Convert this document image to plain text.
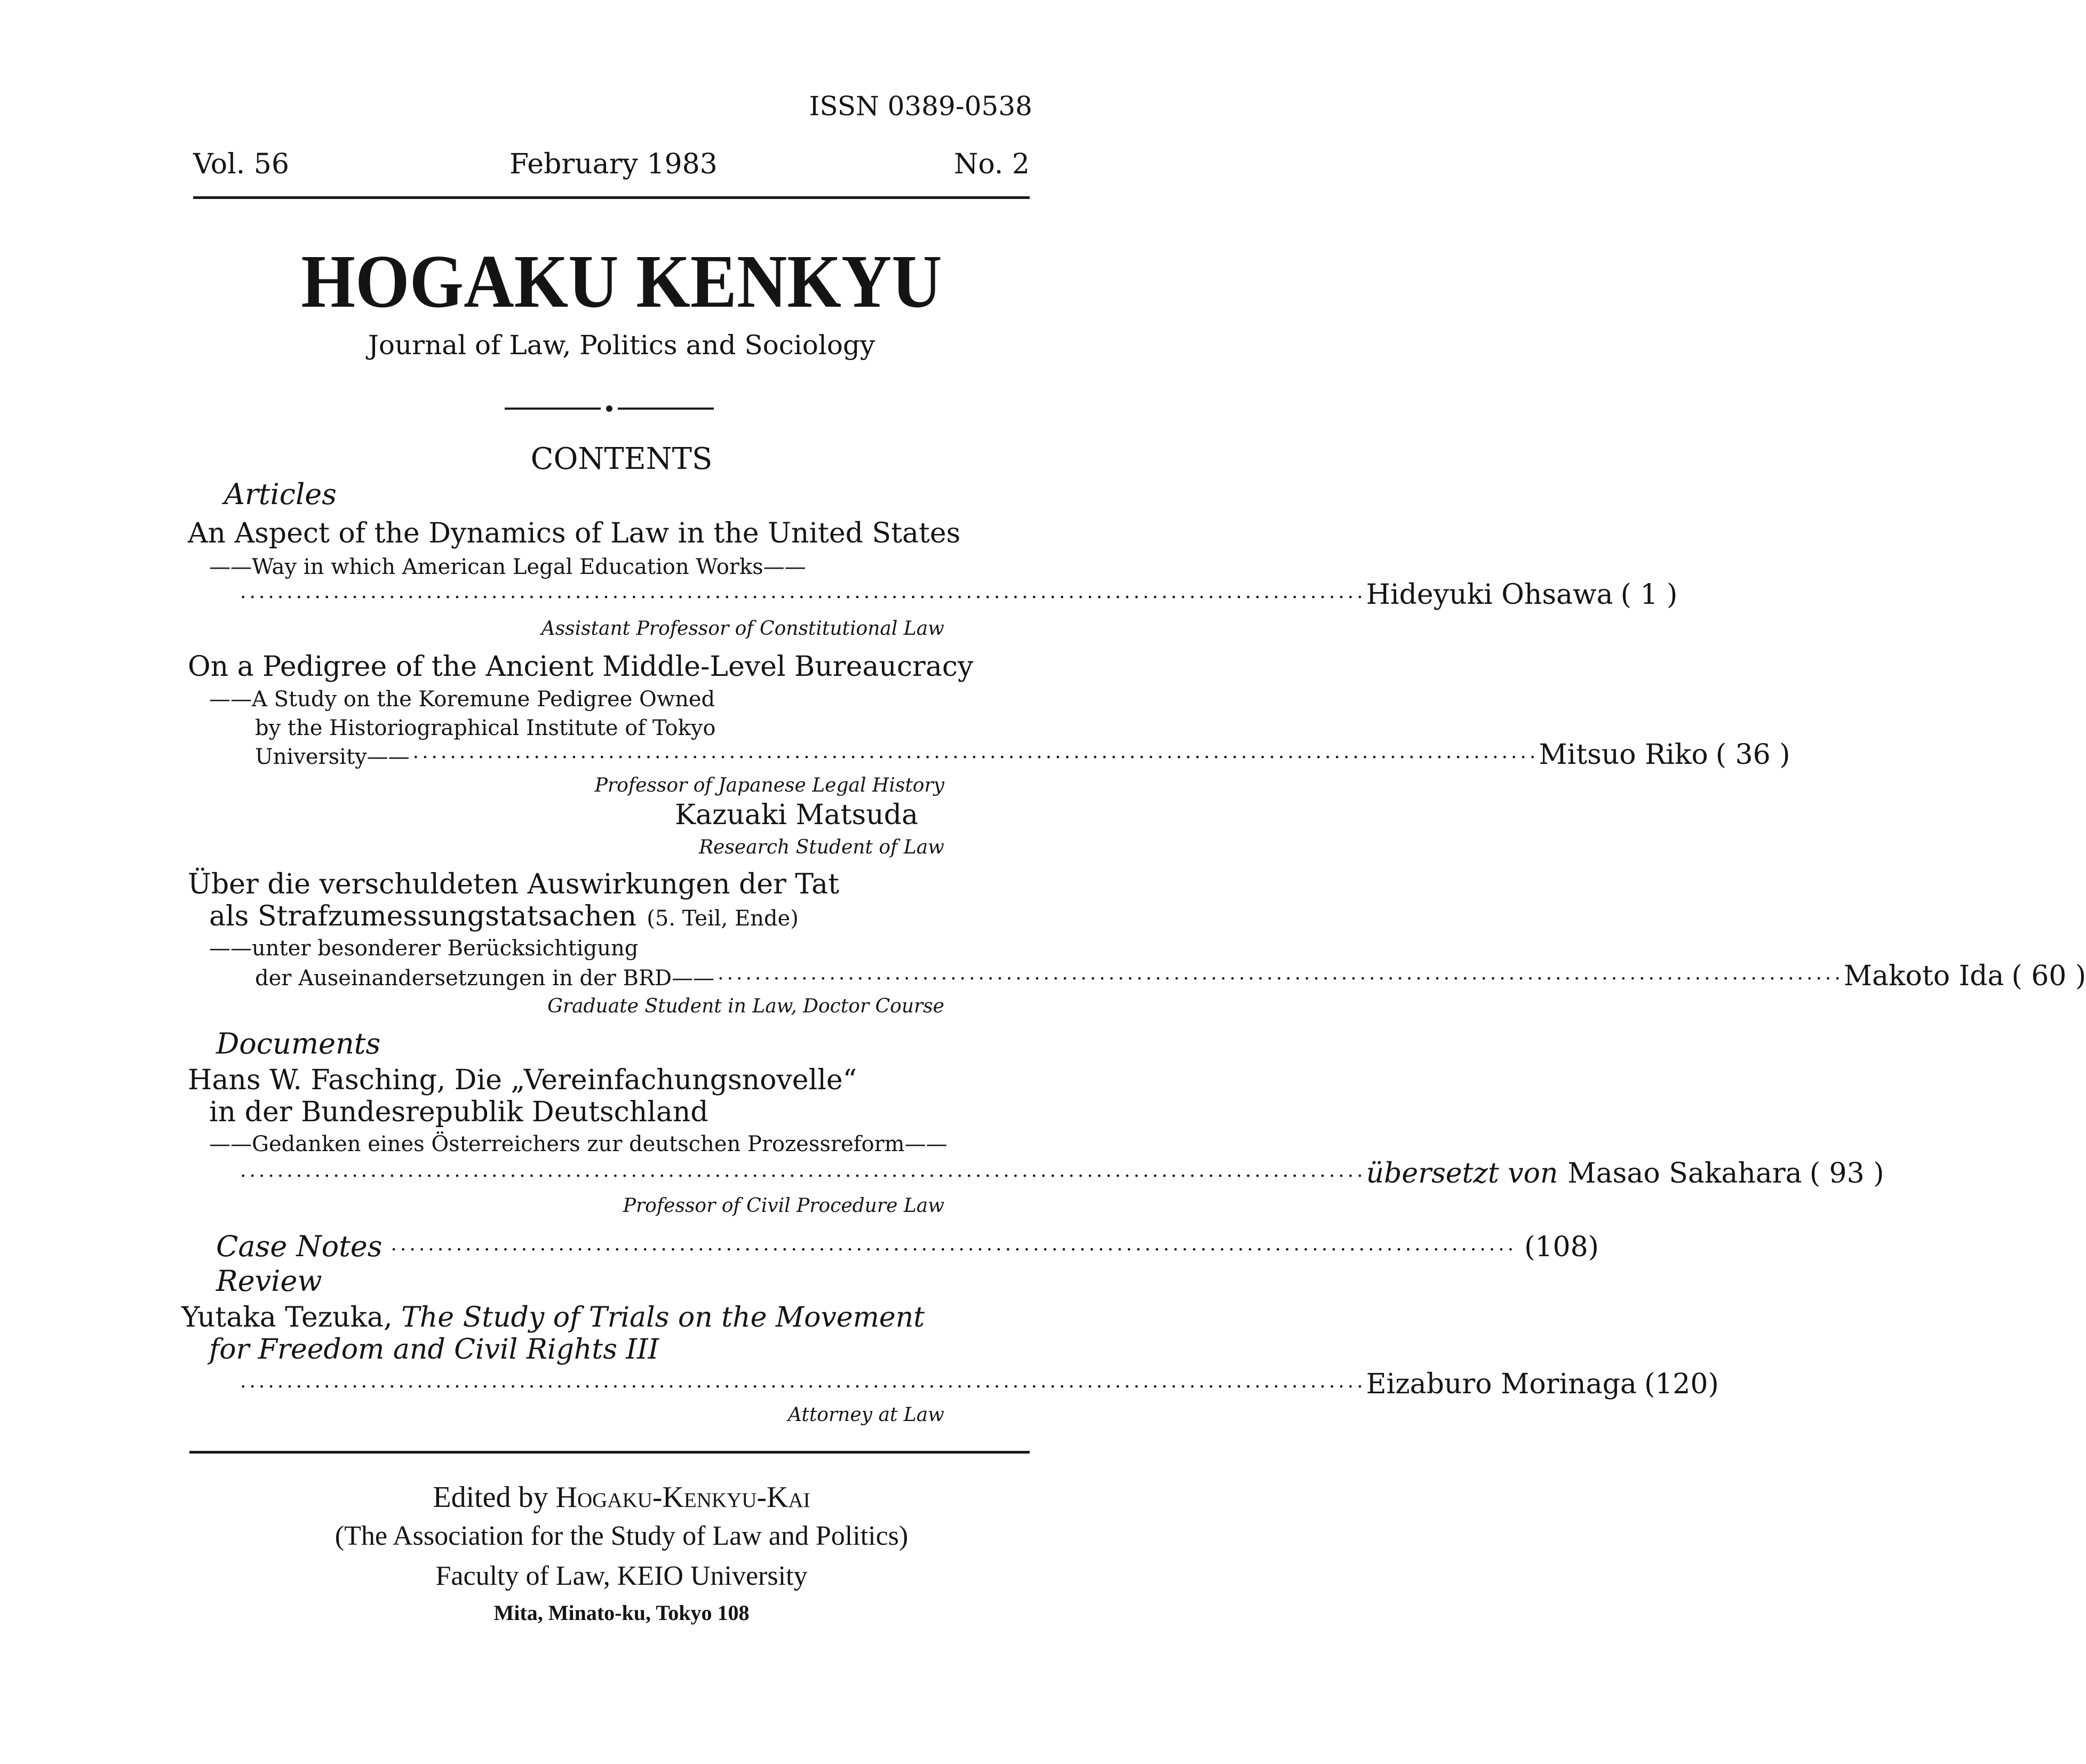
ISSN 0389-0538
Vol. 56	February 1983	No. 2
HOGAKU KENKYU
Journal of Law, Politics and Sociology
CONTENTS
Articles
An Aspect of the Dynamics of Law in the United States
——Way in which American Legal Education Works——
························································································································· Hideyuki Ohsawa ( 1 )
Assistant Professor of Constitutional Law
On a Pedigree of the Ancient Middle-Level Bureaucracy
——A Study on the Koremune Pedigree Owned
by the Historiographical Institute of Tokyo
University—— ························································································································· Mitsuo Riko ( 36 )
Professor of Japanese Legal History
Kazuaki Matsuda
Research Student of Law
Über die verschuldeten Auswirkungen der Tat
als Strafzumessungstatsachen (5. Teil, Ende)
——unter besonderer Berücksichtigung
der Auseinandersetzungen in der BRD—— ························································································································· Makoto Ida ( 60 )
Graduate Student in Law, Doctor Course
Documents
Hans W. Fasching, Die „Vereinfachungsnovelle“
in der Bundesrepublik Deutschland
——Gedanken eines Österreichers zur deutschen Prozessreform——
························································································································· übersetzt von Masao Sakahara ( 93 )
Professor of Civil Procedure Law
Case Notes ························································································································· (108)
Review
Yutaka Tezuka, The Study of Trials on the Movement
for Freedom and Civil Rights III
························································································································· Eizaburo Morinaga (120)
Attorney at Law
Edited by Hogaku-Kenkyu-Kai
(The Association for the Study of Law and Politics)
Faculty of Law, KEIO University
Mita, Minato-ku, Tokyo 108
